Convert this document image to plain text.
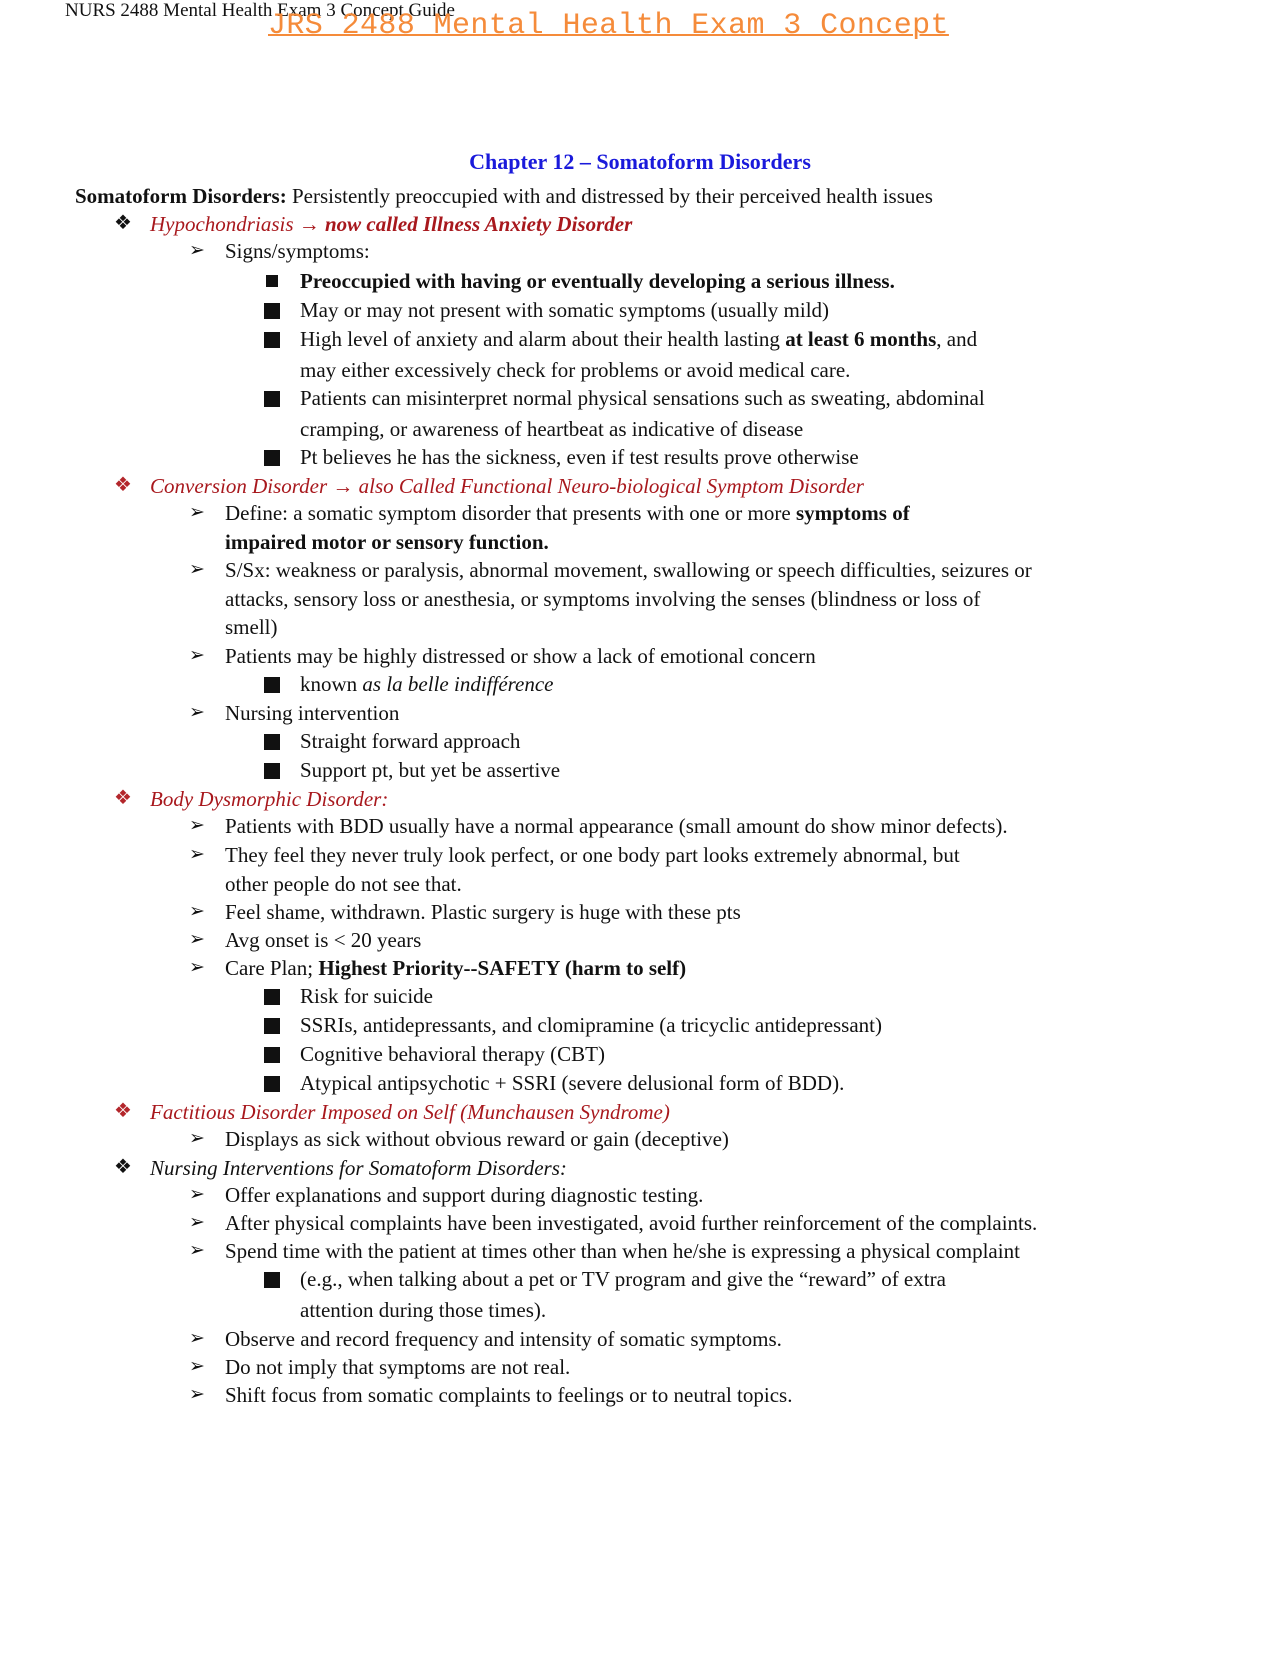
NURS 2488 Mental Health Exam 3 Concept Guide
JRS 2488 Mental Health Exam 3 Concept
Chapter 12 – Somatoform Disorders
Somatoform Disorders: Persistently preoccupied with and distressed by their perceived health issues
❖ Hypochondriasis → now called Illness Anxiety Disorder
➢ Signs/symptoms:
Preoccupied with having or eventually developing a serious illness.
May or may not present with somatic symptoms (usually mild)
High level of anxiety and alarm about their health lasting at least 6 months, and
may either excessively check for problems or avoid medical care.
Patients can misinterpret normal physical sensations such as sweating, abdominal
cramping, or awareness of heartbeat as indicative of disease
Pt believes he has the sickness, even if test results prove otherwise
❖ Conversion Disorder → also Called Functional Neuro-biological Symptom Disorder
➢ Define: a somatic symptom disorder that presents with one or more symptoms of
impaired motor or sensory function.
➢ S/Sx: weakness or paralysis, abnormal movement, swallowing or speech difficulties, seizures or
attacks, sensory loss or anesthesia, or symptoms involving the senses (blindness or loss of
smell)
➢ Patients may be highly distressed or show a lack of emotional concern
known as la belle indifférence
➢ Nursing intervention
Straight forward approach
Support pt, but yet be assertive
❖ Body Dysmorphic Disorder:
➢ Patients with BDD usually have a normal appearance (small amount do show minor defects).
➢ They feel they never truly look perfect, or one body part looks extremely abnormal, but
other people do not see that.
➢ Feel shame, withdrawn. Plastic surgery is huge with these pts
➢ Avg onset is < 20 years
➢ Care Plan; Highest Priority--SAFETY (harm to self)
Risk for suicide
SSRIs, antidepressants, and clomipramine (a tricyclic antidepressant)
Cognitive behavioral therapy (CBT)
Atypical antipsychotic + SSRI (severe delusional form of BDD).
❖ Factitious Disorder Imposed on Self (Munchausen Syndrome)
➢ Displays as sick without obvious reward or gain (deceptive)
❖ Nursing Interventions for Somatoform Disorders:
➢ Offer explanations and support during diagnostic testing.
➢ After physical complaints have been investigated, avoid further reinforcement of the complaints.
➢ Spend time with the patient at times other than when he/she is expressing a physical complaint
(e.g., when talking about a pet or TV program and give the “reward” of extra
attention during those times).
➢ Observe and record frequency and intensity of somatic symptoms.
➢ Do not imply that symptoms are not real.
➢ Shift focus from somatic complaints to feelings or to neutral topics.
